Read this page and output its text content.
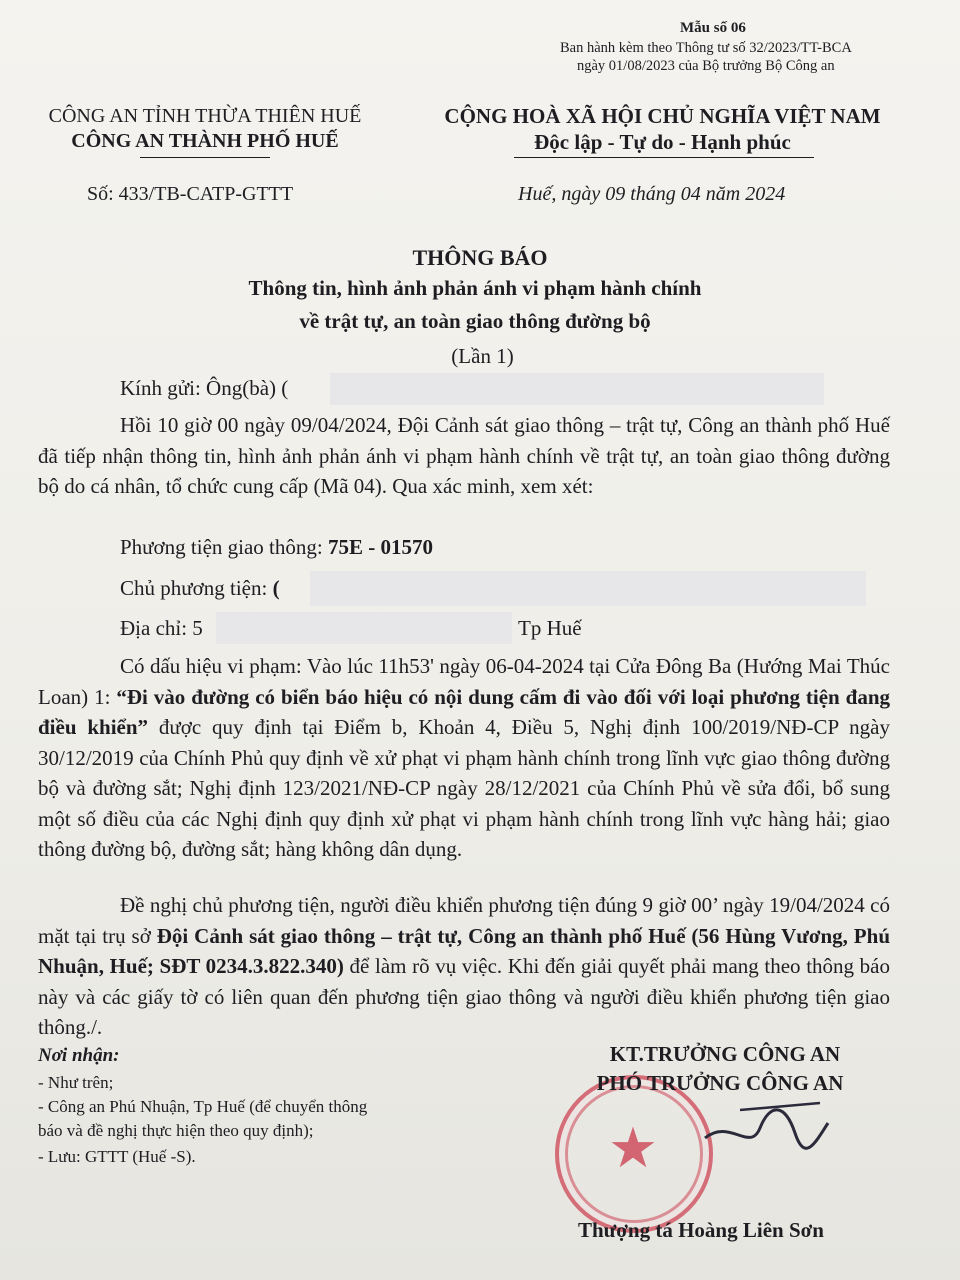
Mẫu số 06
Ban hành kèm theo Thông tư số 32/2023/TT-BCA
ngày 01/08/2023 của Bộ trưởng Bộ Công an
CÔNG AN TỈNH THỪA THIÊN HUẾ
CÔNG AN THÀNH PHỐ HUẾ
Số: 433/TB-CATP-GTTT
CỘNG HOÀ XÃ HỘI CHỦ NGHĨA VIỆT NAM
Độc lập - Tự do - Hạnh phúc
Huế, ngày 09 tháng 04 năm 2024
THÔNG BÁO
Thông tin, hình ảnh phản ánh vi phạm hành chính
về trật tự, an toàn giao thông đường bộ
(Lần 1)
Kính gửi: Ông(bà) (
Hồi 10 giờ 00 ngày 09/04/2024, Đội Cảnh sát giao thông – trật tự, Công an thành phố Huế đã tiếp nhận thông tin, hình ảnh phản ánh vi phạm hành chính về trật tự, an toàn giao thông đường bộ do cá nhân, tổ chức cung cấp (Mã 04). Qua xác minh, xem xét:
Phương tiện giao thông: 75E - 01570
Chủ phương tiện: (
Địa chỉ: 5	Tp Huế
Có dấu hiệu vi phạm: Vào lúc 11h53' ngày 06-04-2024 tại Cửa Đông Ba (Hướng Mai Thúc Loan) 1: “Đi vào đường có biển báo hiệu có nội dung cấm đi vào đối với loại phương tiện đang điều khiển” được quy định tại Điểm b, Khoản 4, Điều 5, Nghị định 100/2019/NĐ-CP ngày 30/12/2019 của Chính Phủ quy định về xử phạt vi phạm hành chính trong lĩnh vực giao thông đường bộ và đường sắt; Nghị định 123/2021/NĐ-CP ngày 28/12/2021 của Chính Phủ về sửa đổi, bổ sung một số điều của các Nghị định quy định xử phạt vi phạm hành chính trong lĩnh vực hàng hải; giao thông đường bộ, đường sắt; hàng không dân dụng.
Đề nghị chủ phương tiện, người điều khiển phương tiện đúng 9 giờ 00’ ngày 19/04/2024 có mặt tại trụ sở Đội Cảnh sát giao thông – trật tự, Công an thành phố Huế (56 Hùng Vương, Phú Nhuận, Huế; SĐT 0234.3.822.340) để làm rõ vụ việc. Khi đến giải quyết phải mang theo thông báo này và các giấy tờ có liên quan đến phương tiện giao thông và người điều khiển phương tiện giao thông./.
Nơi nhận:
- Như trên;
- Công an Phú Nhuận, Tp Huế (để chuyển thông
báo và đề nghị thực hiện theo quy định);
- Lưu: GTTT (Huế -S).	★
KT.TRƯỞNG CÔNG AN
PHÓ TRƯỞNG CÔNG AN
Thượng tá Hoàng Liên Sơn
